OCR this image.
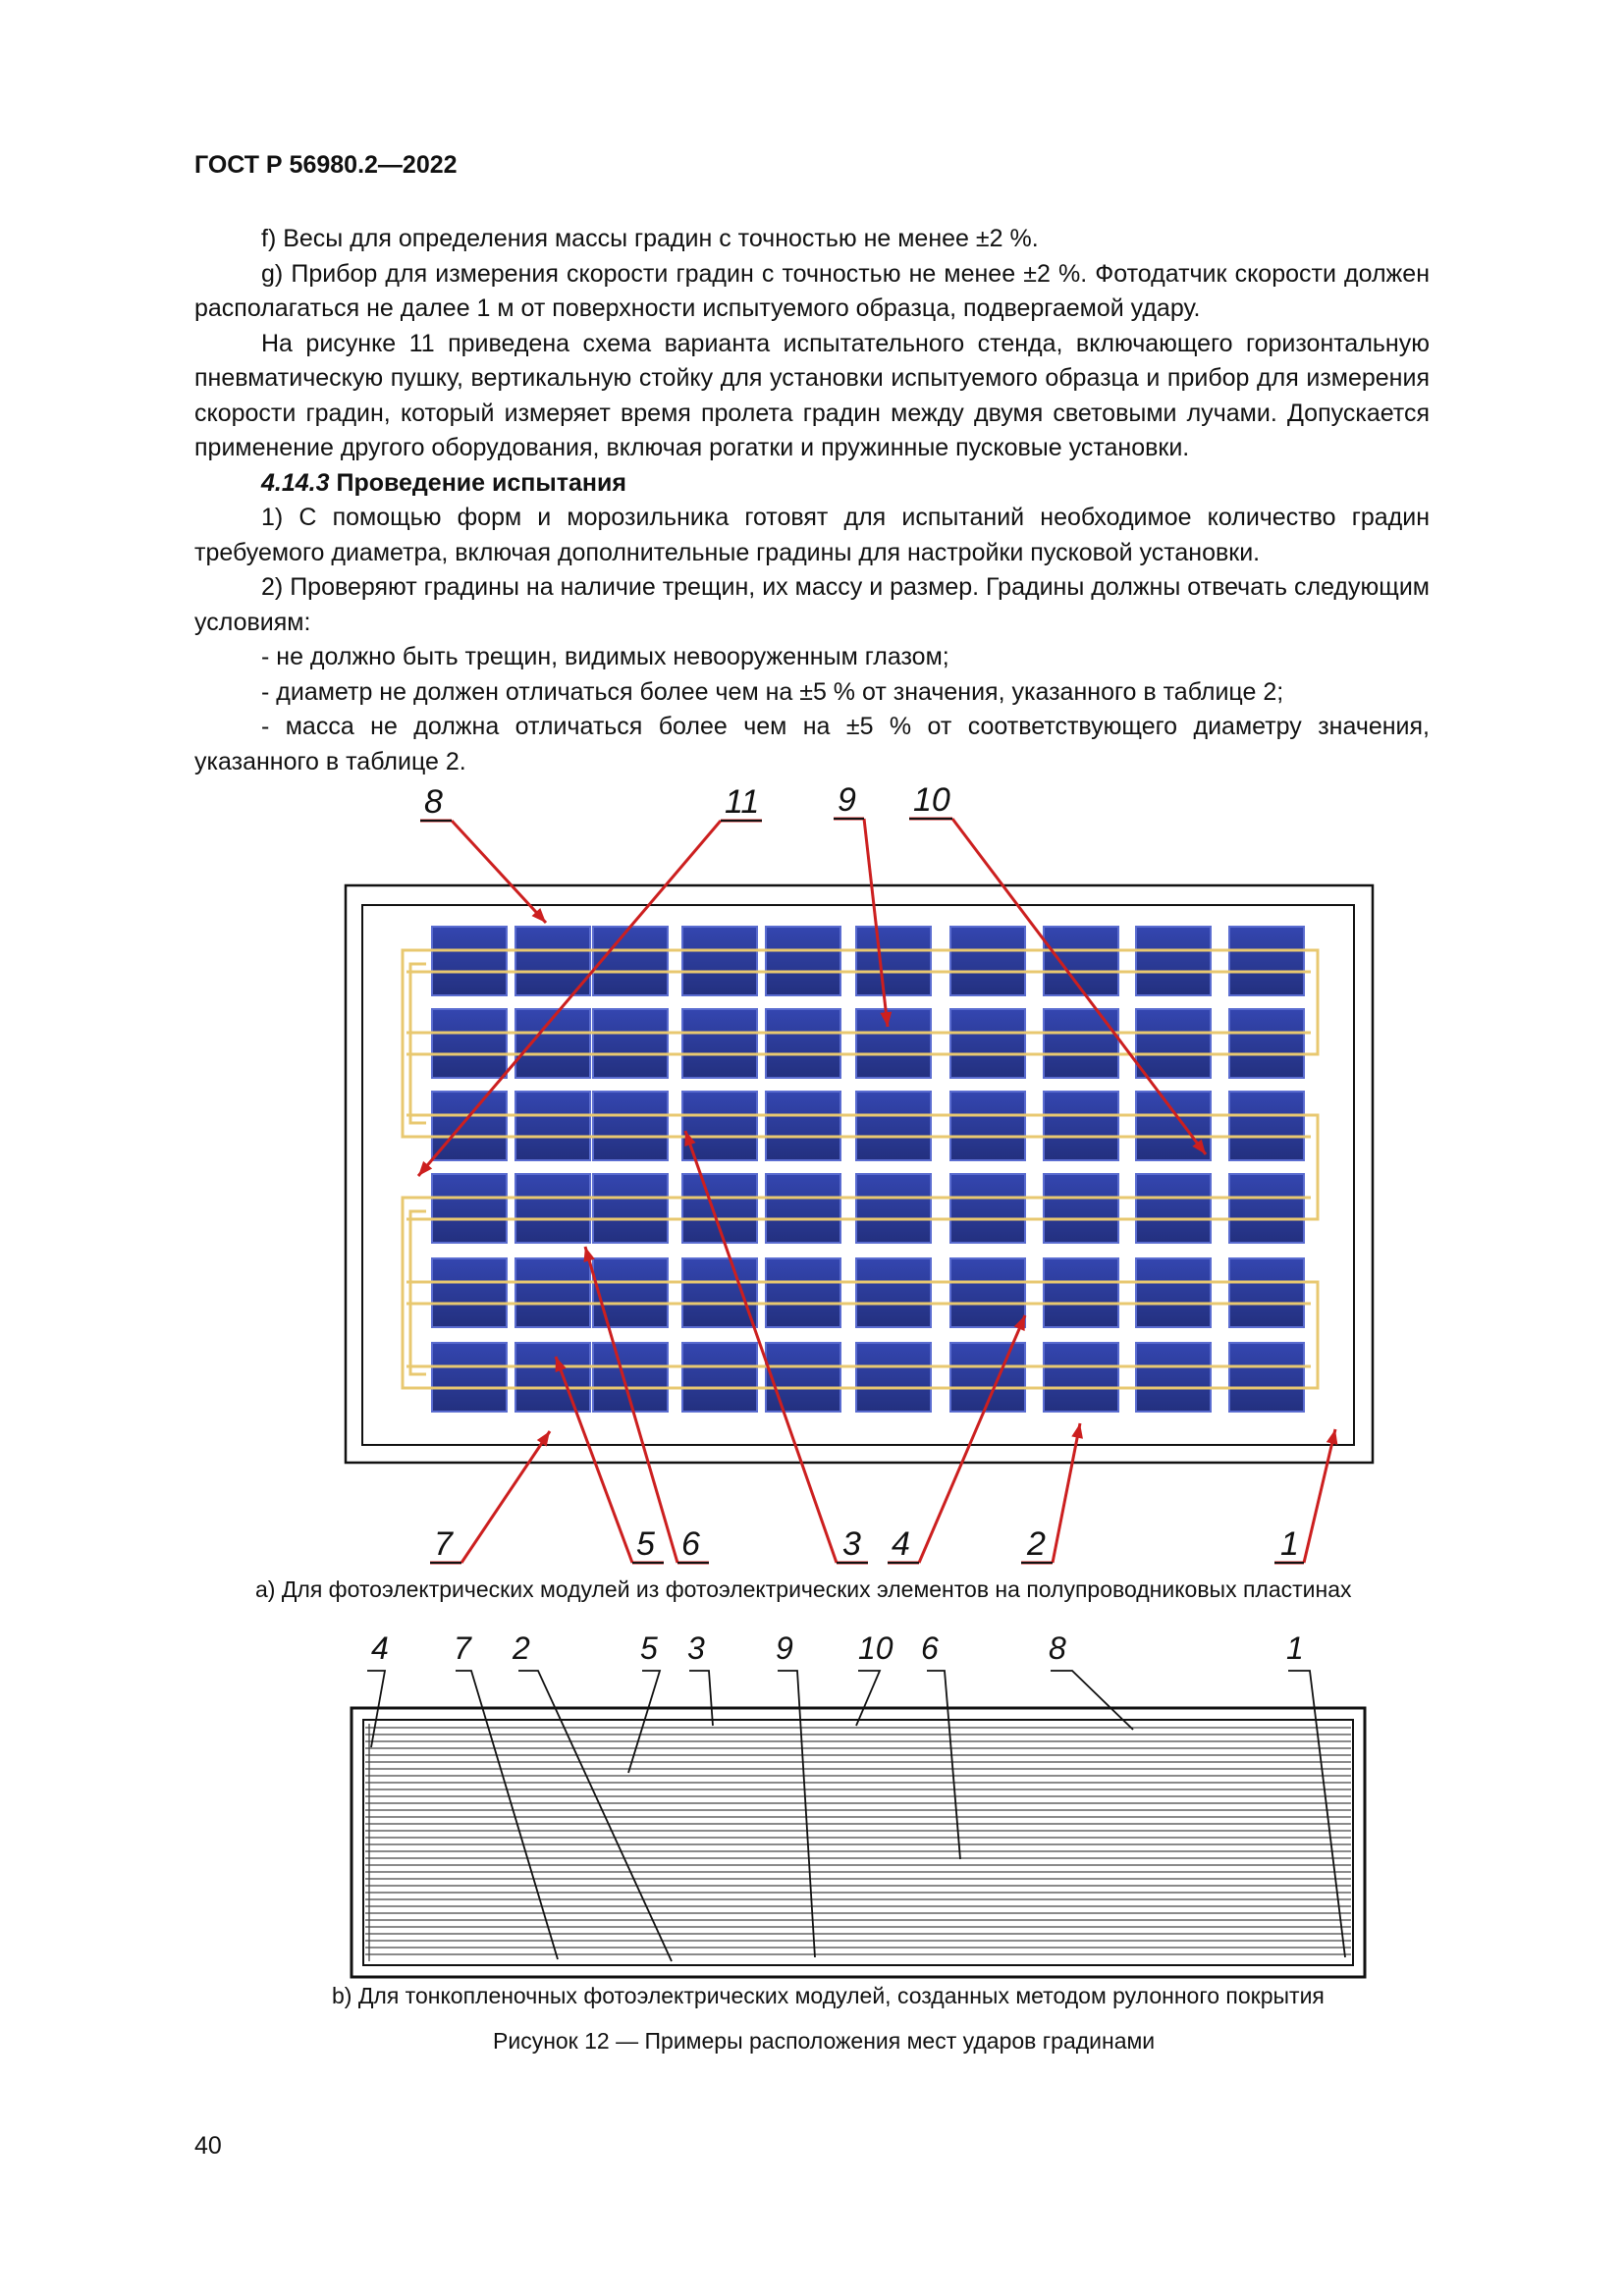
ГОСТ Р 56980.2—2022

f) Весы для определения массы градин с точностью не менее ±2 %.

g) Прибор для измерения скорости градин с точностью не менее ±2 %. Фотодатчик скорости должен располагаться не далее 1 м от поверхности испытуемого образца, подвергаемой удару.

На рисунке 11 приведена схема варианта испытательного стенда, включающего горизонтальную пневматическую пушку, вертикальную стойку для установки испытуемого образца и прибор для измерения скорости градин, который измеряет время пролета градин между двумя световыми лучами. Допускается применение другого оборудования, включая рогатки и пружинные пусковые установки.

4.14.3 Проведение испытания

1) С помощью форм и морозильника готовят для испытаний необходимое количество градин требуемого диаметра, включая дополнительные градины для настройки пусковой установки.

2) Проверяют градины на наличие трещин, их массу и размер. Градины должны отвечать следующим условиям:

- не должно быть трещин, видимых невооруженным глазом;

- диаметр не должен отличаться более чем на ±5 % от значения, указанного в таблице 2;

- масса не должна отличаться более чем на ±5 % от соответствующего диаметру значения, указанного в таблице 2.

8	11 9 10
7	5 6	3 4	2	1

a) Для фотоэлектрических модулей из фотоэлектрических элементов на полупроводниковых пластинах

4 7 2	5 3 9 10 6	8	1

b) Для тонкопленочных фотоэлектрических модулей, созданных методом рулонного покрытия

Рисунок 12 — Примеры расположения мест ударов градинами

40
